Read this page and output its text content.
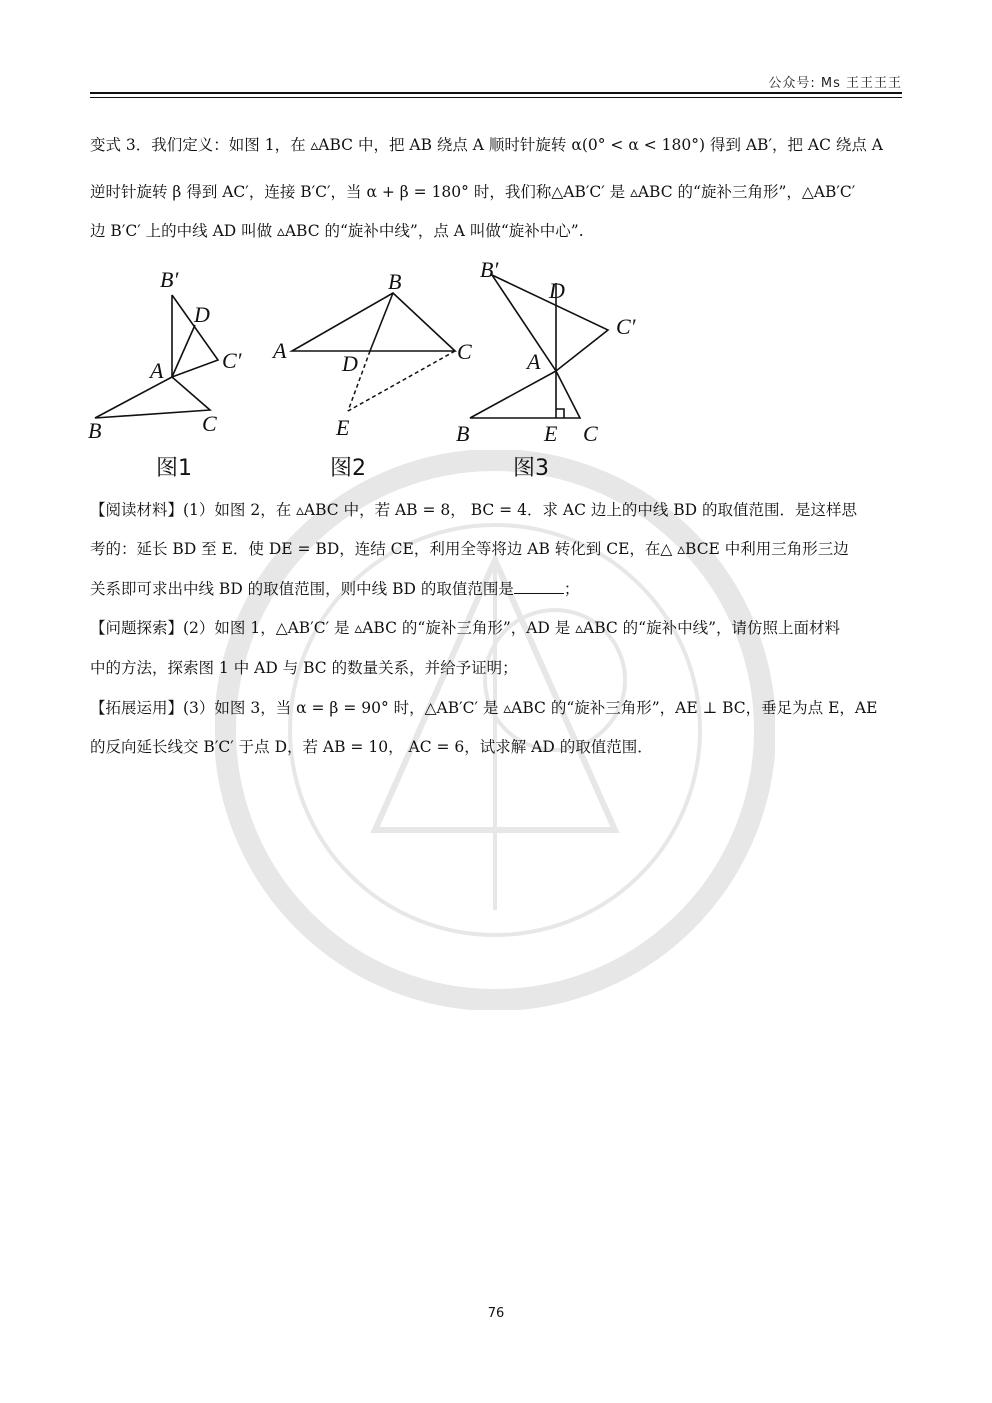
公众号: Ms 王王王王

变式 3．我们定义：如图 1，在 ▵ABC 中，把 AB 绕点 A 顺时针旋转 α(0° < α < 180°) 得到 AB′，把 AC 绕点 A

逆时针旋转 β 得到 AC′，连接 B′C′，当 α + β = 180° 时，我们称△AB′C′ 是 ▵ABC 的“旋补三角形”，△AB′C′

边 B′C′ 上的中线 AD 叫做 ▵ABC 的“旋补中线”，点 A 叫做“旋补中心”.

B′
D
A	C′
B	C
图1
B
A
D	C
E
图2
B′
D
C′
A
B	E C
图3

【阅读材料】(1）如图 2，在 ▵ABC 中，若 AB = 8， BC = 4．求 AC 边上的中线 BD 的取值范围．是这样思

考的：延长 BD 至 E．使 DE = BD，连结 CE，利用全等将边 AB 转化到 CE，在△ ▵BCE 中利用三角形三边

关系即可求出中线 BD 的取值范围，则中线 BD 的取值范围是	；

【问题探索】(2）如图 1，△AB′C′ 是 ▵ABC 的“旋补三角形”，AD 是 ▵ABC 的“旋补中线”，请仿照上面材料

中的方法，探索图 1 中 AD 与 BC 的数量关系，并给予证明；

【拓展运用】(3）如图 3，当 α = β = 90° 时，△AB′C′ 是 ▵ABC 的“旋补三角形”，AE ⊥ BC，垂足为点 E，AE

的反向延长线交 B′C′ 于点 D，若 AB = 10， AC = 6，试求解 AD 的取值范围．

76
